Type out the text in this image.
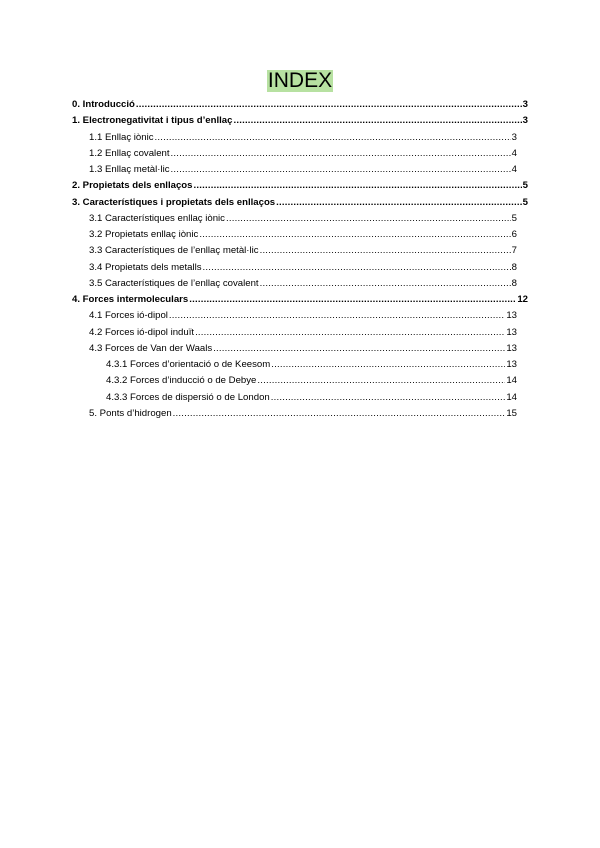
INDEX
0. Introducció .....	3
1. Electronegativitat i tipus d’enllaç .....	3
1.1 Enllaç iònic .....	3
1.2 Enllaç covalent .....	4
1.3 Enllaç metàl·lic .....	4
2. Propietats dels enllaços .....	5
3. Característiques i propietats dels enllaços .....	5
3.1 Característiques enllaç iònic .....	5
3.2 Propietats enllaç iònic .....	6
3.3 Característiques de l’enllaç metàl·lic .....	7
3.4 Propietats dels metalls .....	8
3.5 Característiques de l’enllaç covalent .....	8
4. Forces intermoleculars .....	12
4.1 Forces ió-dipol .....	13
4.2 Forces ió-dipol induït .....	13
4.3 Forces de Van der Waals .....	13
4.3.1 Forces d’orientació o de Keesom .....	13
4.3.2 Forces d’inducció o de Debye .....	14
4.3.3 Forces de dispersió o de London .....	14
5. Ponts d’hidrogen .....	15
